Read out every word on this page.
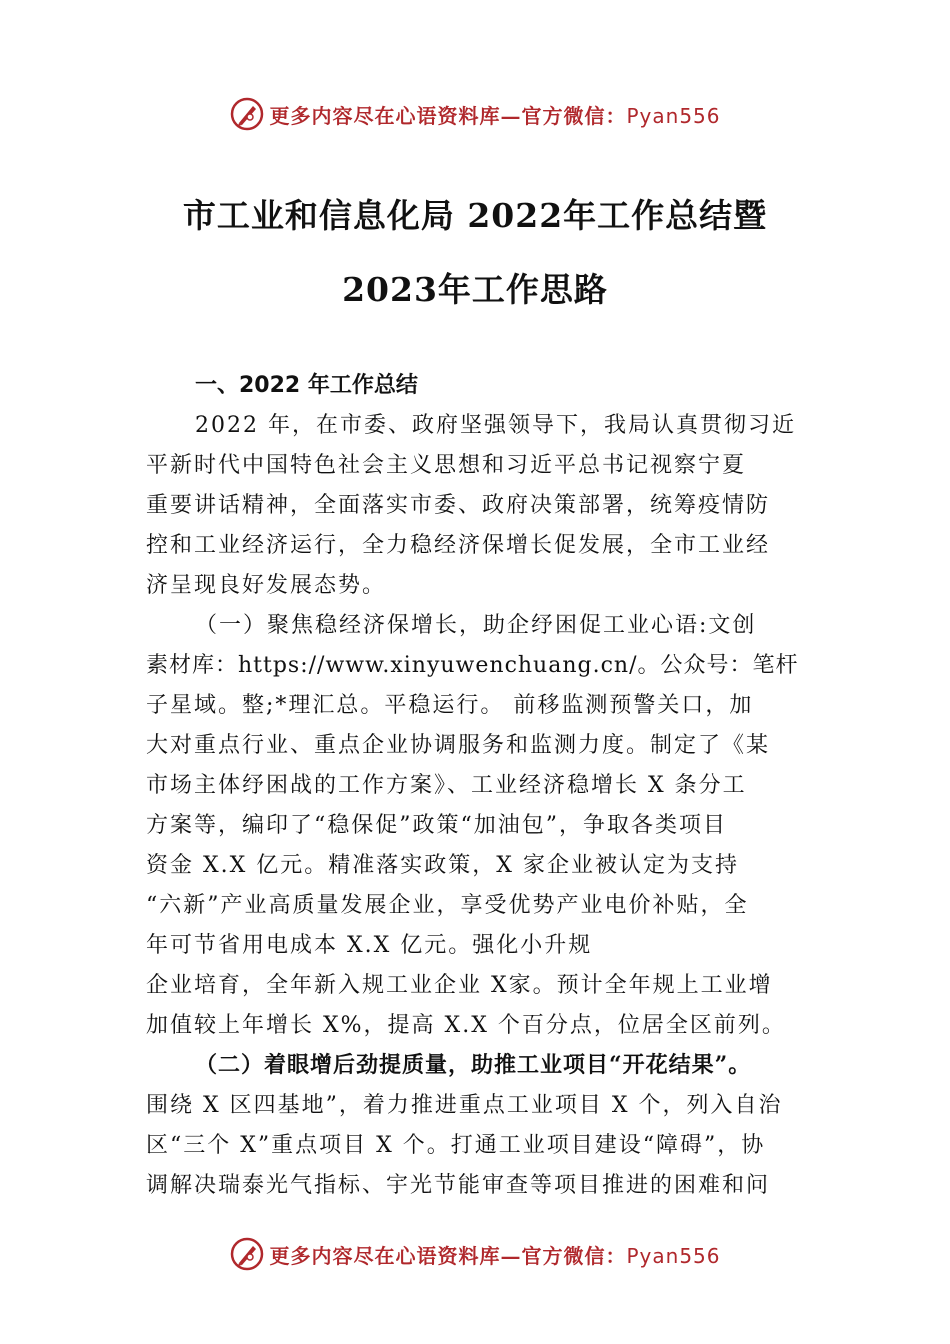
更多内容尽在心语资料库—官方微信：Pyan556
市工业和信息化局 2022年工作总结暨
2023年工作思路
一、2022 年工作总结
2022 年，在市委、政府坚强领导下，我局认真贯彻习近
平新时代中国特色社会主义思想和习近平总书记视察宁夏
重要讲话精神，全面落实市委、政府决策部署，统筹疫情防
控和工业经济运行，全力稳经济保增长促发展，全市工业经
济呈现良好发展态势。
（一）聚焦稳经济保增长，助企纾困促工业心语:文创
素材库：https://www.xinyuwenchuang.cn/。公众号：笔杆
子星域。整;*理汇总。平稳运行。 前移监测预警关口，加
大对重点行业、重点企业协调服务和监测力度。制定了《某
市场主体纾困战的工作方案》、工业经济稳增长 X 条分工
方案等，编印了“稳保促”政策“加油包”，争取各类项目
资金 X.X 亿元。精准落实政策，X 家企业被认定为支持
“六新”产业高质量发展企业，享受优势产业电价补贴，全
年可节省用电成本 X.X 亿元。强化小升规
企业培育，全年新入规工业企业 X家。预计全年规上工业增
加值较上年增长 X%，提高 X.X 个百分点，位居全区前列。
（二）着眼增后劲提质量，助推工业项目“开花结果”。
围绕 X 区四基地”，着力推进重点工业项目 X 个，列入自治
区“三个 X”重点项目 X 个。打通工业项目建设“障碍”，协
调解决瑞泰光气指标、宇光节能审查等项目推进的困难和问
更多内容尽在心语资料库—官方微信：Pyan556
